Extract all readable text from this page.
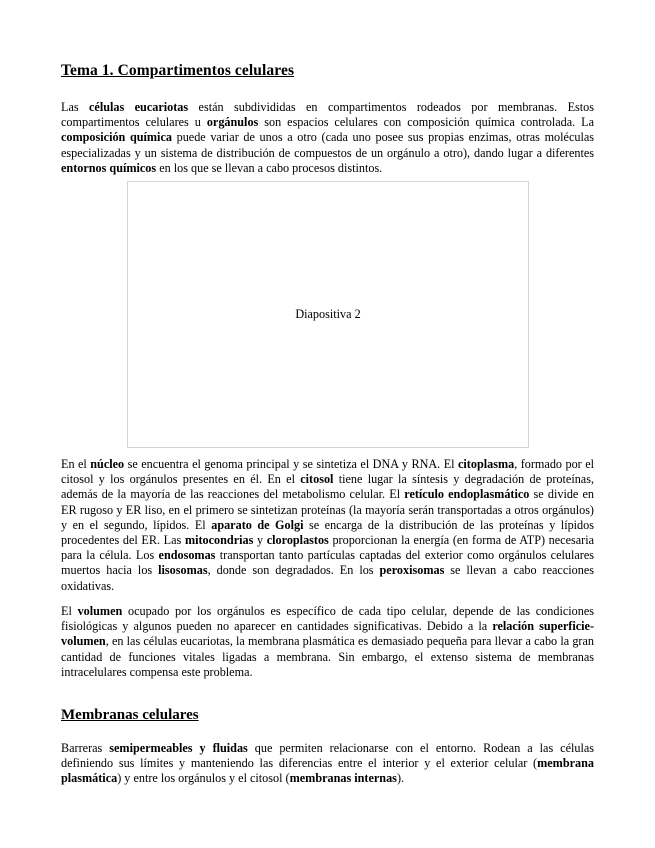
Tema 1. Compartimentos celulares

Las células eucariotas están subdivididas en compartimentos rodeados por membranas. Estos compartimentos celulares u orgánulos son espacios celulares con composición química controlada. La composición química puede variar de unos a otro (cada uno posee sus propias enzimas, otras moléculas especializadas y un sistema de distribución de compuestos de un orgánulo a otro), dando lugar a diferentes entornos químicos en los que se llevan a cabo procesos distintos.

Diapositiva 2

En el núcleo se encuentra el genoma principal y se sintetiza el DNA y RNA. El citoplasma, formado por el citosol y los orgánulos presentes en él. En el citosol tiene lugar la síntesis y degradación de proteínas, además de la mayoría de las reacciones del metabolismo celular. El retículo endoplasmático se divide en ER rugoso y ER liso, en el primero se sintetizan proteínas (la mayoría serán transportadas a otros orgánulos) y en el segundo, lípidos. El aparato de Golgi se encarga de la distribución de las proteínas y lípidos procedentes del ER. Las mitocondrias y cloroplastos proporcionan la energía (en forma de ATP) necesaria para la célula. Los endosomas transportan tanto partículas captadas del exterior como orgánulos celulares muertos hacia los lisosomas, donde son degradados. En los peroxisomas se llevan a cabo reacciones oxidativas.

El volumen ocupado por los orgánulos es específico de cada tipo celular, depende de las condiciones fisiológicas y algunos pueden no aparecer en cantidades significativas. Debido a la relación superficie-volumen, en las células eucariotas, la membrana plasmática es demasiado pequeña para llevar a cabo la gran cantidad de funciones vitales ligadas a membrana. Sin embargo, el extenso sistema de membranas intracelulares compensa este problema.

Membranas celulares

Barreras semipermeables y fluidas que permiten relacionarse con el entorno. Rodean a las células definiendo sus límites y manteniendo las diferencias entre el interior y el exterior celular (membrana plasmática) y entre los orgánulos y el citosol (membranas internas).
